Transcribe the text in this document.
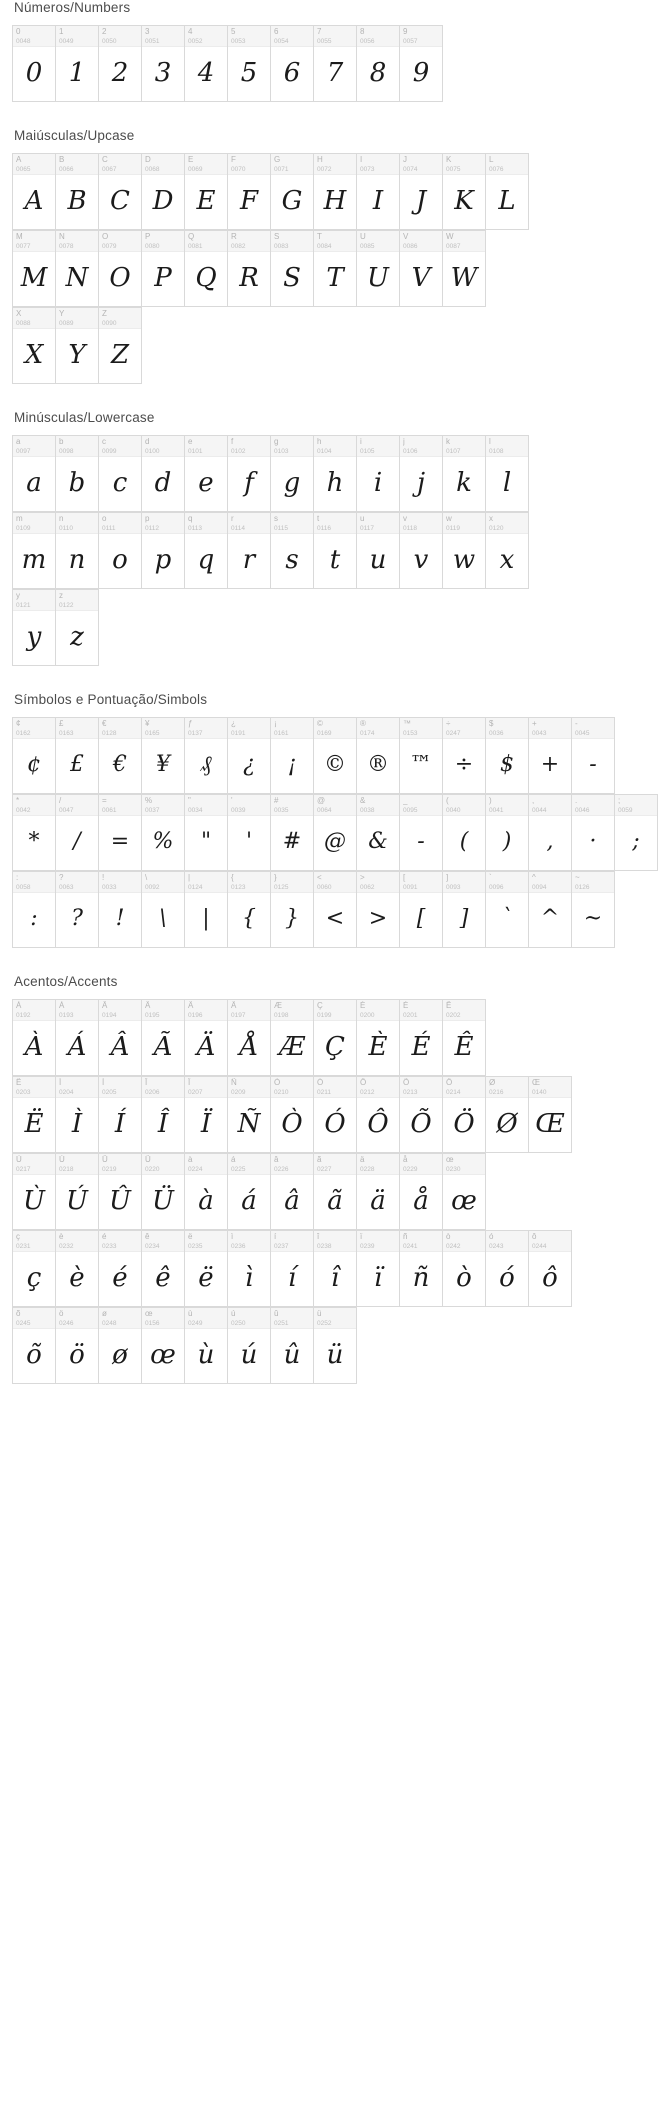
Números/Numbers
0
0048
0
1
0049
1
2
0050
2
3
0051
3
4
0052
4
5
0053
5
6
0054
6
7
0055
7
8
0056
8
9
0057
9
Maiúsculas/Upcase
A
0065
A
B
0066
B
C
0067
C
D
0068
D
E
0069
E
F
0070
F
G
0071
G
H
0072
H
I
0073
I
J
0074
J
K
0075
K
L
0076
L
M
0077
M
N
0078
N
O
0079
O
P
0080
P
Q
0081
Q
R
0082
R
S
0083
S
T
0084
T
U
0085
U
V
0086
V
W
0087
W
X
0088
X
Y
0089
Y
Z
0090
Z
Minúsculas/Lowercase
a
0097
a
b
0098
b
c
0099
c
d
0100
d
e
0101
e
f
0102
f
g
0103
g
h
0104
h
i
0105
i
j
0106
j
k
0107
k
l
0108
l
m
0109
m
n
0110
n
o
0111
o
p
0112
p
q
0113
q
r
0114
r
s
0115
s
t
0116
t
u
0117
u
v
0118
v
w
0119
w
x
0120
x
y
0121
y
z
0122
z
Símbolos e Pontuação/Simbols
¢
0162
¢
£
0163
£
€
0128
€
¥
0165
¥
ƒ
0137
₰
¿
0191
¿
¡
0161
¡
©
0169
©
®
0174
®
™
0153
™
÷
0247
÷
$
0036
$
+
0043
+
-
0045
-
*
0042
*
/
0047
/
=
0061
=
%
0037
%
"
0034
"
'
0039
'
#
0035
#
@
0064
@
&
0038
&
_
0095
-
(
0040
(
)
0041
)
,
0044
,
.
0046
·
;
0059
;
:
0058
:
?
0063
?
!
0033
!
\
0092
\
|
0124
|
{
0123
{
}
0125
}
<
0060
<
>
0062
>
[
0091
[
]
0093
]
`
0096
`
^
0094
^
~
0126
~
Acentos/Accents
À
0192
À
Á
0193
Á
Â
0194
Â
Ã
0195
Ã
Ä
0196
Ä
Å
0197
Å
Æ
0198
Æ
Ç
0199
Ç
È
0200
È
É
0201
É
Ê
0202
Ê
Ë
0203
Ë
Ì
0204
Ì
Í
0205
Í
Î
0206
Î
Ï
0207
Ï
Ñ
0209
Ñ
Ò
0210
Ò
Ó
0211
Ó
Ô
0212
Ô
Õ
0213
Õ
Ö
0214
Ö
Ø
0216
Ø
Œ
0140
Œ
Ù
0217
Ù
Ú
0218
Ú
Û
0219
Û
Ü
0220
Ü
à
0224
à
á
0225
á
â
0226
â
ã
0227
ã
ä
0228
ä
å
0229
å
œ
0230
œ
ç
0231
ç
è
0232
è
é
0233
é
ê
0234
ê
ë
0235
ë
ì
0236
ì
í
0237
í
î
0238
î
ï
0239
ï
ñ
0241
ñ
ò
0242
ò
ó
0243
ó
ô
0244
ô
õ
0245
õ
ö
0246
ö
ø
0248
ø
œ
0156
œ
ù
0249
ù
ú
0250
ú
û
0251
û
ü
0252
ü
